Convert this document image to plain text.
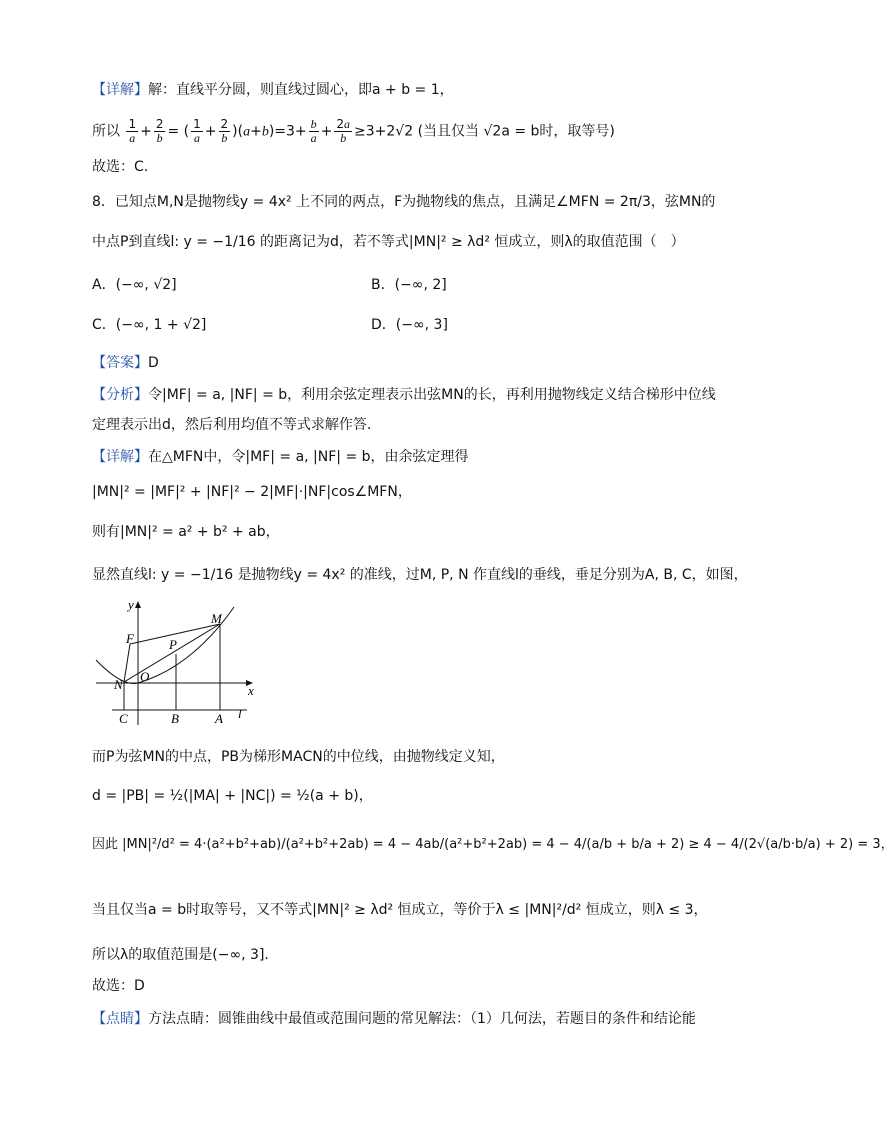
【详解】解：直线平分圆，则直线过圆心，即a + b = 1，
所以 $\frac{1}{a} + \frac{2}{b}$ = ( $\frac{1}{a} + \frac{2}{b} )(a+b)=3+ \frac{b}{a} + \frac{2a}{b} \ge 3+2√2$ (当且仅当 √2a = b时，取等号)
故选：C.
8．已知点M,N是抛物线y = 4x² 上不同的两点，F为抛物线的焦点，且满足∠MFN = 2π/3，弦MN的
中点P到直线l: y = −1/16 的距离记为d，若不等式|MN|² ≥ λd² 恒成立，则λ的取值范围（　）
A．(−∞, √2]	B．(−∞, 2]
C．(−∞, 1 + √2]	D．(−∞, 3]
【答案】D
【分析】令|MF| = a, |NF| = b，利用余弦定理表示出弦MN的长，再利用抛物线定义结合梯形中位线
定理表示出d，然后利用均值不等式求解作答.
【详解】在△MFN中，令|MF| = a, |NF| = b，由余弦定理得
|MN|² = |MF|² + |NF|² − 2|MF|·|NF|cos∠MFN，
则有|MN|² = a² + b² + ab，
显然直线l: y = −1/16 是抛物线y = 4x² 的准线，过M, P, N 作直线l的垂线，垂足分别为A, B, C，如图，
y
x
F
M
P
N
O
C	B	A l
而P为弦MN的中点，PB为梯形MACN的中位线，由抛物线定义知，
d = |PB| = ½(|MA| + |NC|) = ½(a + b)，
因此 |MN|²/d² = 4·(a²+b²+ab)/(a²+b²+2ab) = 4 − 4ab/(a²+b²+2ab) = 4 − 4/(a/b + b/a + 2) ≥ 4 − 4/(2√(a/b·b/a) + 2) = 3，
当且仅当a = b时取等号，又不等式|MN|² ≥ λd² 恒成立，等价于λ ≤ |MN|²/d² 恒成立，则λ ≤ 3，
所以λ的取值范围是(−∞, 3].
故选：D
【点睛】方法点睛：圆锥曲线中最值或范围问题的常见解法：（1）几何法，若题目的条件和结论能
